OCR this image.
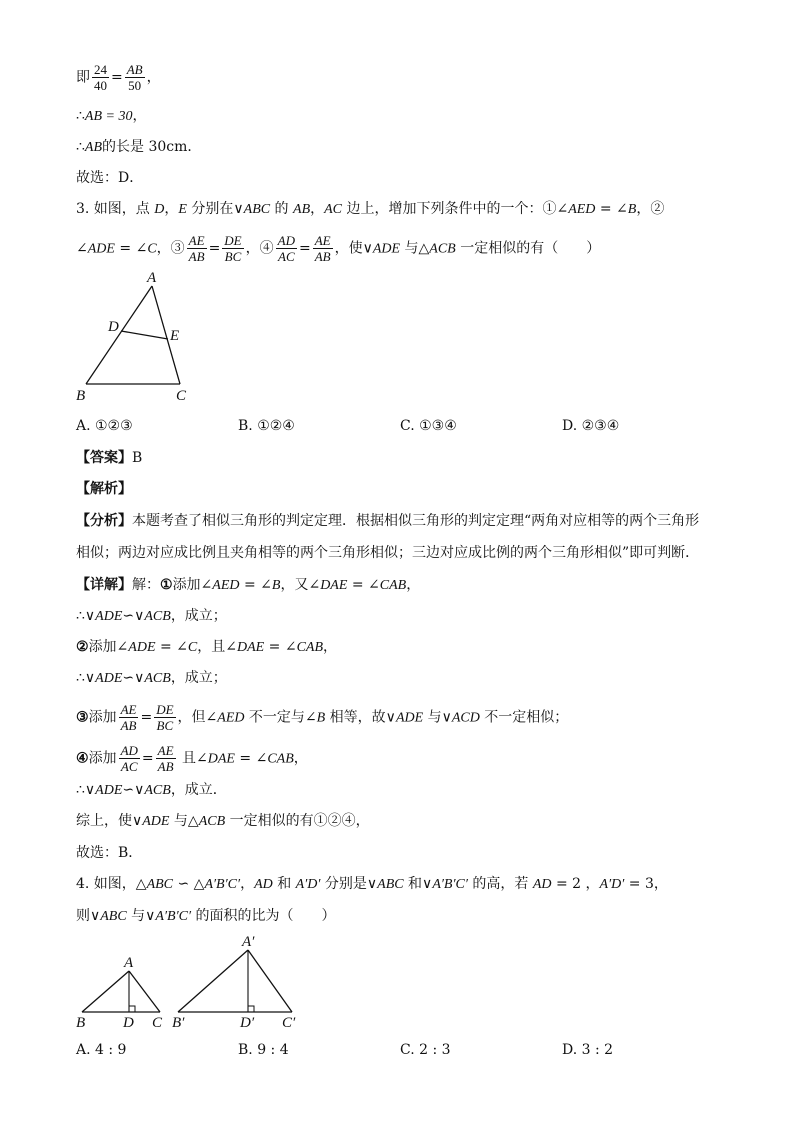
即 $\frac{24}{40} = \frac{AB}{50}$ ，
∴AB = 30，
∴AB的长是 30cm．
故选：D．
3. 如图，点 D，E 分别在∨ABC 的 AB，AC 边上，增加下列条件中的一个：①∠AED = ∠B，②
∠ADE = ∠C，③ $\frac{AE}{AB} = \frac{DE}{BC}$ ，④ $\frac{AD}{AC} = \frac{AE}{AB}$ ，使∨ADE 与△ACB 一定相似的有（　　）
A
D
E
B	C
A. ①②③	B. ①②④	C. ①③④	D. ②③④
【答案】B
【解析】
【分析】本题考查了相似三角形的判定定理．根据相似三角形的判定定理“两角对应相等的两个三角形
相似；两边对应成比例且夹角相等的两个三角形相似；三边对应成比例的两个三角形相似”即可判断．
【详解】解：①添加∠AED = ∠B，又∠DAE = ∠CAB，
∴∨ADE∽∨ACB，成立；
②添加∠ADE = ∠C，且∠DAE = ∠CAB，
∴∨ADE∽∨ACB，成立；
③添加 $\frac{AE}{AB} = \frac{DE}{BC}$ ，但∠AED 不一定与∠B 相等，故∨ADE 与∨ACD 不一定相似；
④添加 $\frac{AD}{AC} = \frac{AE}{AB}$ 且∠DAE = ∠CAB，
∴∨ADE∽∨ACB，成立．
综上，使∨ADE 与△ACB 一定相似的有①②④，
故选：B．
4. 如图，△ABC ∽ △A′B′C′，AD 和 A′D′ 分别是∨ABC 和∨A′B′C′ 的高，若 AD = 2 ，A′D′ = 3，
则∨ABC 与∨A′B′C′ 的面积的比为（　　）
A
B	D C
A′
B′	D′ C′
A. 4 : 9	B. 9 : 4	C. 2 : 3	D. 3 : 2
